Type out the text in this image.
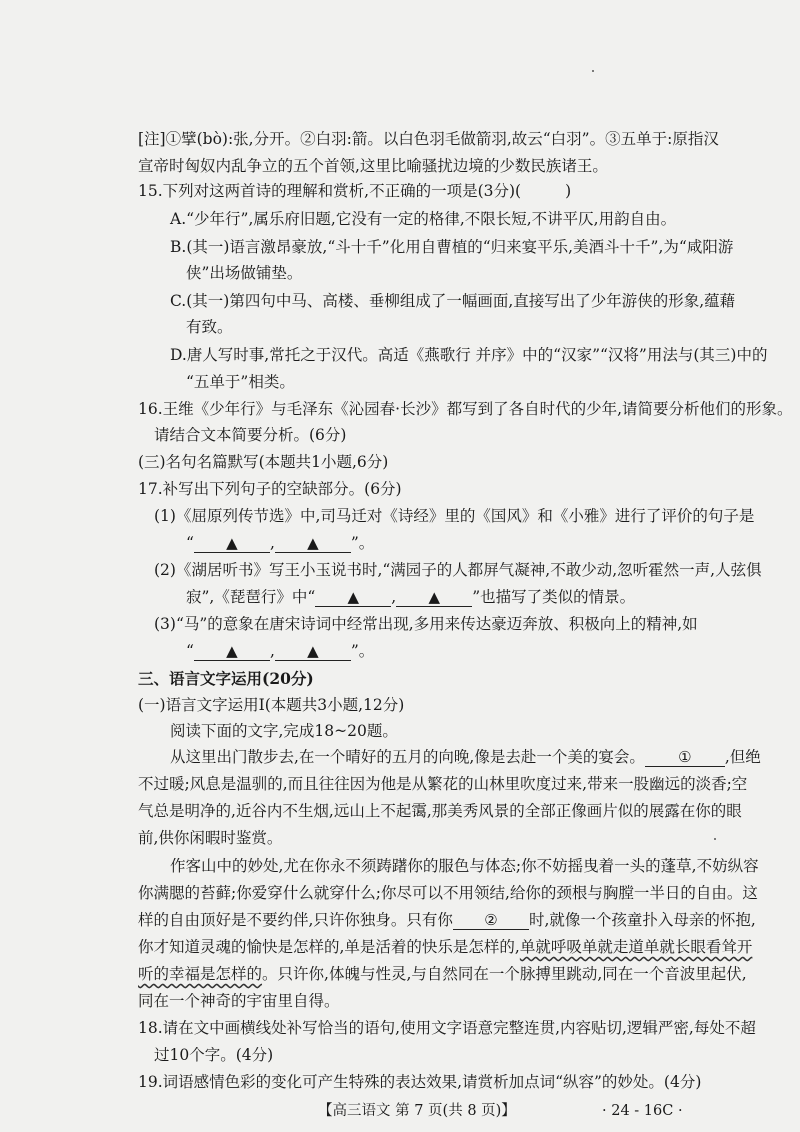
[注]①擘(bò):张,分开。②白羽:箭。以白色羽毛做箭羽,故云“白羽”。③五单于:原指汉
宣帝时匈奴内乱争立的五个首领,这里比喻骚扰边境的少数民族诸王。
15.下列对这两首诗的理解和赏析,不正确的一项是(3分)(	)
A.“少年行”,属乐府旧题,它没有一定的格律,不限长短,不讲平仄,用韵自由。
B.(其一)语言激昂豪放,“斗十千”化用自曹植的“归来宴平乐,美酒斗十千”,为“咸阳游
侠”出场做铺垫。
C.(其一)第四句中马、高楼、垂柳组成了一幅画面,直接写出了少年游侠的形象,蕴藉
有致。
D.唐人写时事,常托之于汉代。高适《燕歌行 并序》中的“汉家”“汉将”用法与(其三)中的
“五单于”相类。
16.王维《少年行》与毛泽东《沁园春·长沙》都写到了各自时代的少年,请简要分析他们的形象。
请结合文本简要分析。(6分)
(三)名句名篇默写(本题共1小题,6分)
17.补写出下列句子的空缺部分。(6分)
(1)《屈原列传节选》中,司马迁对《诗经》里的《国风》和《小雅》进行了评价的句子是
“ ▲ , ▲ ”。
(2)《湖居听书》写王小玉说书时,“满园子的人都屏气凝神,不敢少动,忽听霍然一声,人弦俱
寂”,《琵琶行》中“ ▲ , ▲ ”也描写了类似的情景。
(3)“马”的意象在唐宋诗词中经常出现,多用来传达豪迈奔放、积极向上的精神,如
“ ▲ , ▲ ”。
三、语言文字运用(20分)
(一)语言文字运用Ⅰ(本题共3小题,12分)
阅读下面的文字,完成18~20题。
从这里出门散步去,在一个晴好的五月的向晚,像是去赴一个美的宴会。 ① ,但绝
不过暖;风息是温驯的,而且往往因为他是从繁花的山林里吹度过来,带来一股幽远的淡香;空
气总是明净的,近谷内不生烟,远山上不起霭,那美秀风景的全部正像画片似的展露在你的眼
前,供你闲暇时鉴赏。
作客山中的妙处,尤在你永不须踌躇你的服色与体态;你不妨摇曳着一头的蓬草,不妨纵容
你满腮的苔藓;你爱穿什么就穿什么;你尽可以不用领结,给你的颈根与胸膛一半日的自由。这
样的自由顶好是不要约伴,只许你独身。只有你 ② 时,就像一个孩童扑入母亲的怀抱,
你才知道灵魂的愉快是怎样的,单是活着的快乐是怎样的,单就呼吸单就走道单就长眼看耸开
听的幸福是怎样的。只许你,体魄与性灵,与自然同在一个脉搏里跳动,同在一个音波里起伏,
同在一个神奇的宇宙里自得。
18.请在文中画横线处补写恰当的语句,使用文字语意完整连贯,内容贴切,逻辑严密,每处不超
过10个字。(4分)
19.词语感情色彩的变化可产生特殊的表达效果,请赏析加点词“纵容”的妙处。(4分)
【高三语文 第 7 页(共 8 页)】	· 24 - 16C ·
